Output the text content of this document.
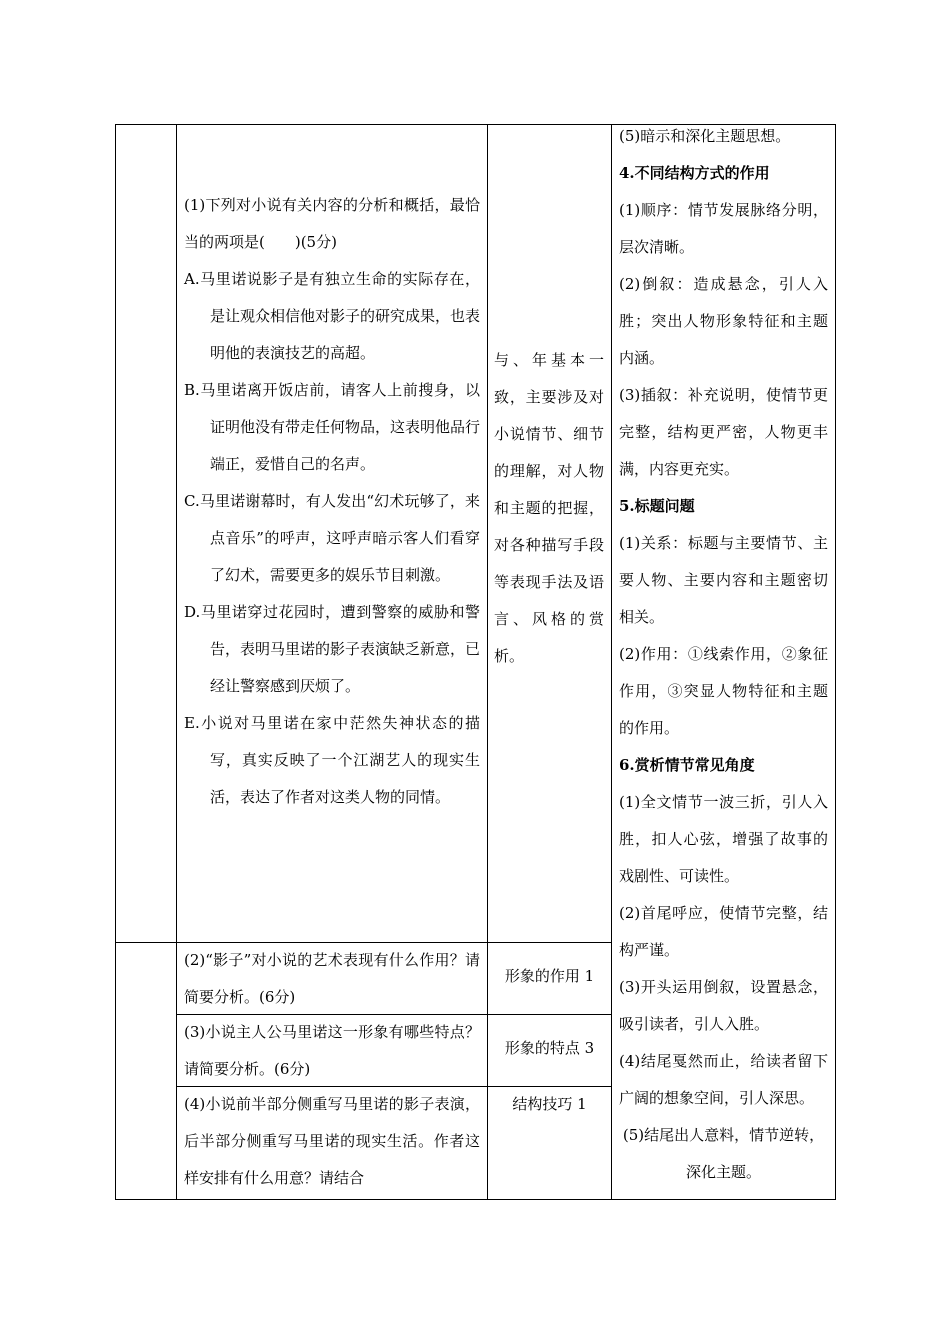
(1)下列对小说有关内容的分析和概括，最恰当的两项是(　　)(5分)

A.马里诺说影子是有独立生命的实际存在，是让观众相信他对影子的研究成果，也表明他的表演技艺的高超。

B.马里诺离开饭店前，请客人上前搜身，以证明他没有带走任何物品，这表明他品行端正，爱惜自己的名声。

C.马里诺谢幕时，有人发出“幻术玩够了，来点音乐”的呼声，这呼声暗示客人们看穿了幻术，需要更多的娱乐节目刺激。

D.马里诺穿过花园时，遭到警察的威胁和警告，表明马里诺的影子表演缺乏新意，已经让警察感到厌烦了。

E.小说对马里诺在家中茫然失神状态的描写，真实反映了一个江湖艺人的现实生活，表达了作者对这类人物的同情。

与、年基本一致，主要涉及对小说情节、细节的理解，对人物和主题的把握，对各种描写手段等表现手法及语言、风格的赏析。

(2)“影子”对小说的艺术表现有什么作用？请简要分析。(6分)

形象的作用 1

(3)小说主人公马里诺这一形象有哪些特点？请简要分析。(6分)

形象的特点 3

(4)小说前半部分侧重写马里诺的影子表演，后半部分侧重写马里诺的现实生活。作者这样安排有什么用意？请结合

结构技巧 1

(5)暗示和深化主题思想。

4.不同结构方式的作用

(1)顺序：情节发展脉络分明，层次清晰。

(2)倒叙：造成悬念，引人入胜；突出人物形象特征和主题内涵。

(3)插叙：补充说明，使情节更完整，结构更严密，人物更丰满，内容更充实。

5.标题问题

(1)关系：标题与主要情节、主要人物、主要内容和主题密切相关。

(2)作用：①线索作用，②象征作用，③突显人物特征和主题的作用。

6.赏析情节常见角度

(1)全文情节一波三折，引人入胜，扣人心弦，增强了故事的戏剧性、可读性。

(2)首尾呼应，使情节完整，结构严谨。

(3)开头运用倒叙，设置悬念，吸引读者，引人入胜。

(4)结尾戛然而止，给读者留下广阔的想象空间，引人深思。

(5)结尾出人意料，情节逆转，深化主题。
